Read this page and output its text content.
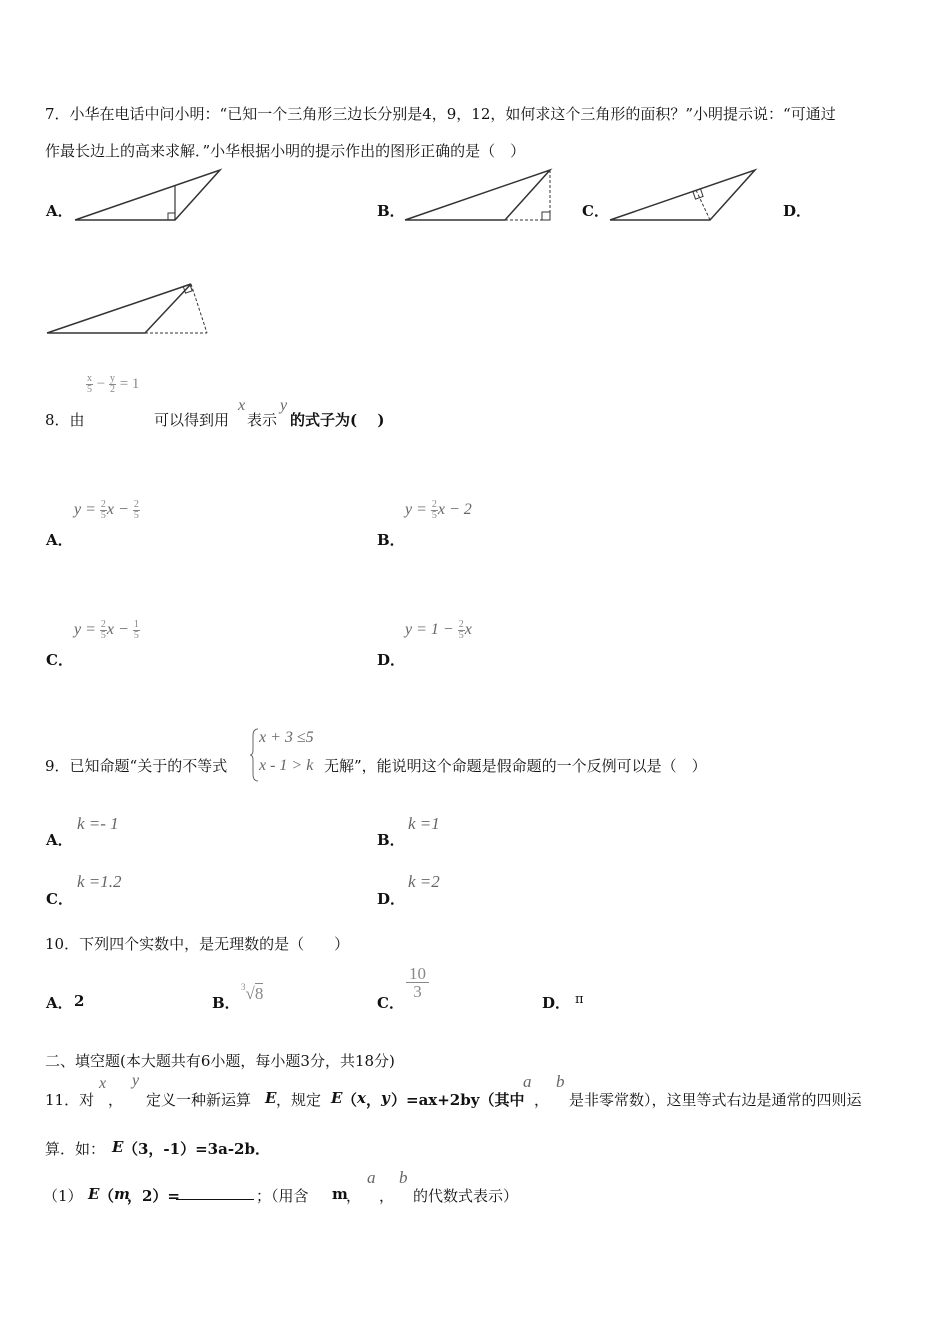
7．小华在电话中问小明：“已知一个三角形三边长分别是4，9，12，如何求这个三角形的面积？”小明提示说：“可通过
作最长边上的高来求解．”小华根据小明的提示作出的图形正确的是（　）
A．	B．	C．	D．
$\frac{x}{5} - \frac{y}{2} = 1$
8．由	可以得到用
x
表示
y
的式子为(　 )
A．
$y = \frac{2}{5}$ $x - \frac{2}{5}$
B．
$y = \frac{2}{5}$ x − 2
C．
$y = \frac{2}{5}$ $x - \frac{1}{5}$
D．
$y = 1 - \frac{2}{5}$ x
9．已知命题“关于的不等式
x + 3 ≤5
x - 1 > k 无解”，能说明这个命题是假命题的一个反例可以是（　）
A．
k =- 1
B．
k =1
C．
k =1.2
D．
k =2
10．下列四个实数中，是无理数的是（　　）
A． 2	B．
$^3$√8	C．
$\frac{10}{3}$
D． π
二、填空题(本大题共有6小题，每小题3分，共18分)
11．对
x
，
y
定义一种新运算 E ，规定 E （ x ， y ）=ax+2by（其中
a
，
b
是非零常数），这里等式右边是通常的四则运
算．如： E （3，-1）=3a-2b．
（1） E （ m
，2）=	；（用含 m
，
a
，
b
的代数式表示）
